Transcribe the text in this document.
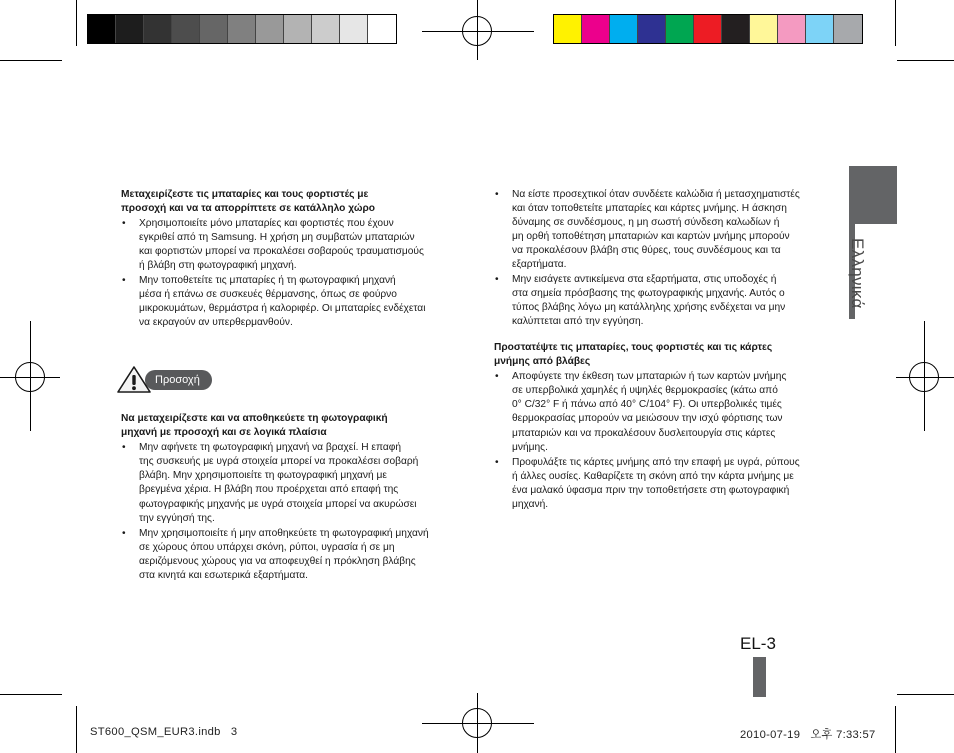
Μεταχειρίζεστε τις μπαταρίες και τους φορτιστές με
προσοχή και να τα απορρίπτετε σε κατάλληλο χώρο
• Χρησιμοποιείτε μόνο μπαταρίες και φορτιστές που έχουν
εγκριθεί από τη Samsung. Η χρήση μη συμβατών μπαταριών
και φορτιστών μπορεί να προκαλέσει σοβαρούς τραυματισμούς
ή βλάβη στη φωτογραφική μηχανή.
• Μην τοποθετείτε τις μπαταρίες ή τη φωτογραφική μηχανή
μέσα ή επάνω σε συσκευές θέρμανσης, όπως σε φούρνο
μικροκυμάτων, θερμάστρα ή καλοριφέρ. Οι μπαταρίες ενδέχεται
να εκραγούν αν υπερθερμανθούν.
Προσοχή
Να μεταχειρίζεστε και να αποθηκεύετε τη φωτογραφική
μηχανή με προσοχή και σε λογικά πλαίσια
• Μην αφήνετε τη φωτογραφική μηχανή να βραχεί. Η επαφή
της συσκευής με υγρά στοιχεία μπορεί να προκαλέσει σοβαρή
βλάβη. Μην χρησιμοποιείτε τη φωτογραφική μηχανή με
βρεγμένα χέρια. Η βλάβη που προέρχεται από επαφή της
φωτογραφικής μηχανής με υγρά στοιχεία μπορεί να ακυρώσει
την εγγύησή της.
• Μην χρησιμοποιείτε ή μην αποθηκεύετε τη φωτογραφική μηχανή
σε χώρους όπου υπάρχει σκόνη, ρύποι, υγρασία ή σε μη
αεριζόμενους χώρους για να αποφευχθεί η πρόκληση βλάβης
στα κινητά και εσωτερικά εξαρτήματα.
• Να είστε προσεχτικοί όταν συνδέετε καλώδια ή μετασχηματιστές
και όταν τοποθετείτε μπαταρίες και κάρτες μνήμης. Η άσκηση
δύναμης σε συνδέσμους, η μη σωστή σύνδεση καλωδίων ή
μη ορθή τοποθέτηση μπαταριών και καρτών μνήμης μπορούν
να προκαλέσουν βλάβη στις θύρες, τους συνδέσμους και τα
εξαρτήματα.
• Μην εισάγετε αντικείμενα στα εξαρτήματα, στις υποδοχές ή
στα σημεία πρόσβασης της φωτογραφικής μηχανής. Αυτός ο
τύπος βλάβης λόγω μη κατάλληλης χρήσης ενδέχεται να μην
καλύπτεται από την εγγύηση.
Προστατέψτε τις μπαταρίες, τους φορτιστές και τις κάρτες
μνήμης από βλάβες
• Αποφύγετε την έκθεση των μπαταριών ή των καρτών μνήμης
σε υπερβολικά χαμηλές ή υψηλές θερμοκρασίες (κάτω από
0° C/32° F ή πάνω από 40° C/104° F). Οι υπερβολικές τιμές
θερμοκρασίας μπορούν να μειώσουν την ισχύ φόρτισης των
μπαταριών και να προκαλέσουν δυσλειτουργία στις κάρτες
μνήμης.
• Προφυλάξτε τις κάρτες μνήμης από την επαφή με υγρά, ρύπους
ή άλλες ουσίες. Καθαρίζετε τη σκόνη από την κάρτα μνήμης με
ένα μαλακό ύφασμα πριν την τοποθετήσετε στη φωτογραφική
μηχανή.
Ελληνικά
EL-3
ST600_QSM_EUR3.indb   3	2010-07-19   오후 7:33:57
